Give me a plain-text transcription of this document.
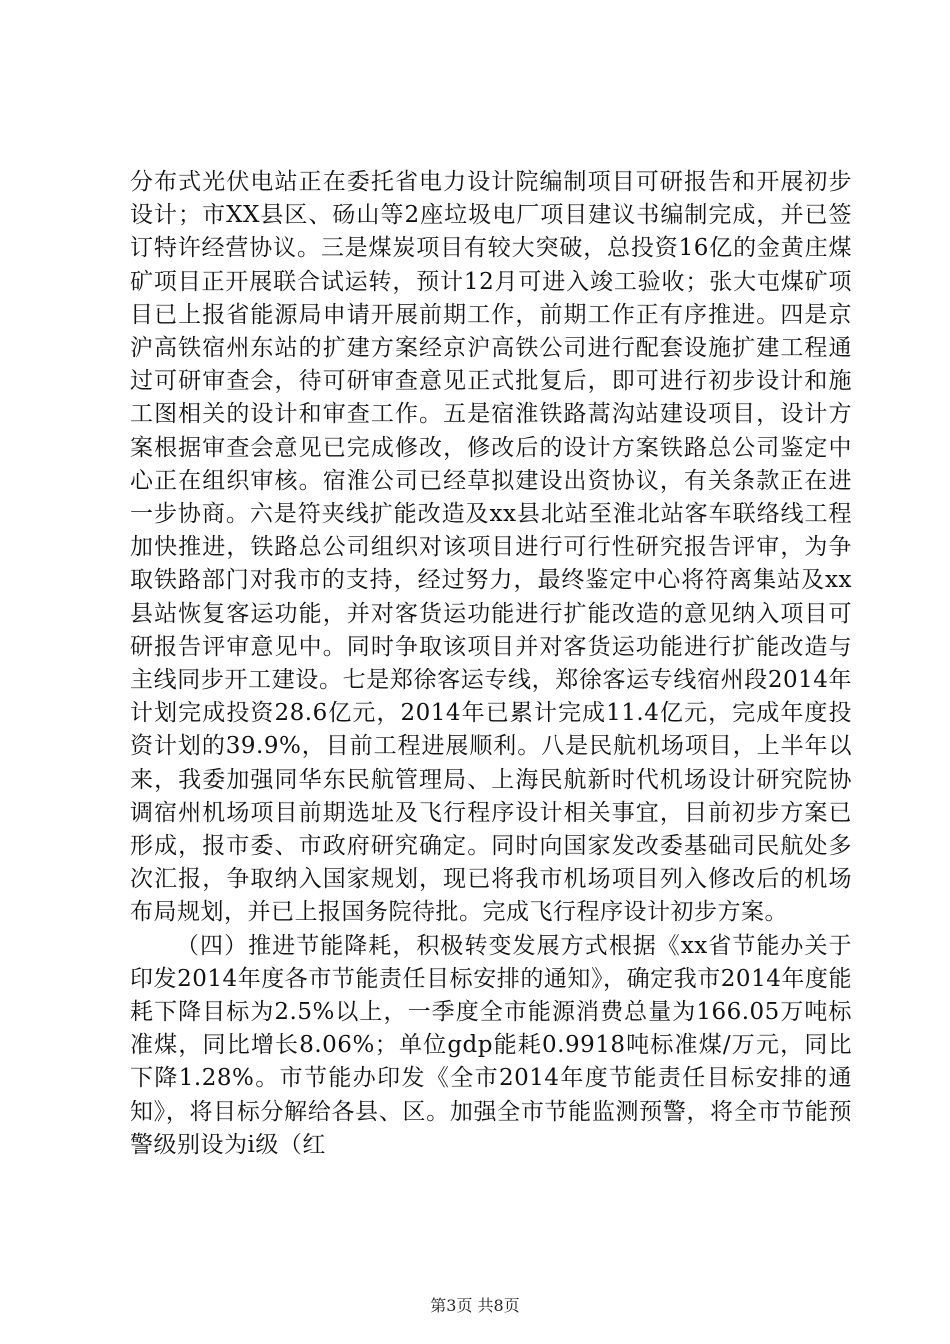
分布式光伏电站正在委托省电力设计院编制项目可研报告和开展初步设计；市XX县区、砀山等2座垃圾电厂项目建议书编制完成，并已签订特许经营协议。三是煤炭项目有较大突破，总投资16亿的金黄庄煤矿项目正开展联合试运转，预计12月可进入竣工验收；张大屯煤矿项目已上报省能源局申请开展前期工作，前期工作正有序推进。四是京沪高铁宿州东站的扩建方案经京沪高铁公司进行配套设施扩建工程通过可研审查会，待可研审查意见正式批复后，即可进行初步设计和施工图相关的设计和审查工作。五是宿淮铁路蒿沟站建设项目，设计方案根据审查会意见已完成修改，修改后的设计方案铁路总公司鉴定中心正在组织审核。宿淮公司已经草拟建设出资协议，有关条款正在进一步协商。六是符夹线扩能改造及xx县北站至淮北站客车联络线工程加快推进，铁路总公司组织对该项目进行可行性研究报告评审，为争取铁路部门对我市的支持，经过努力，最终鉴定中心将符离集站及xx县站恢复客运功能，并对客货运功能进行扩能改造的意见纳入项目可研报告评审意见中。同时争取该项目并对客货运功能进行扩能改造与主线同步开工建设。七是郑徐客运专线，郑徐客运专线宿州段2014年计划完成投资28.6亿元，2014年已累计完成11.4亿元，完成年度投资计划的39.9%，目前工程进展顺利。八是民航机场项目，上半年以来，我委加强同华东民航管理局、上海民航新时代机场设计研究院协调宿州机场项目前期选址及飞行程序设计相关事宜，目前初步方案已形成，报市委、市政府研究确定。同时向国家发改委基础司民航处多次汇报，争取纳入国家规划，现已将我市机场项目列入修改后的机场布局规划，并已上报国务院待批。完成飞行程序设计初步方案。

（四）推进节能降耗，积极转变发展方式根据《xx省节能办关于印发2014年度各市节能责任目标安排的通知》，确定我市2014年度能耗下降目标为2.5%以上，一季度全市能源消费总量为166.05万吨标准煤，同比增长8.06%；单位gdp能耗0.9918吨标准煤/万元，同比下降1.28%。市节能办印发《全市2014年度节能责任目标安排的通知》，将目标分解给各县、区。加强全市节能监测预警，将全市节能预警级别设为i级（红

第3页 共8页
